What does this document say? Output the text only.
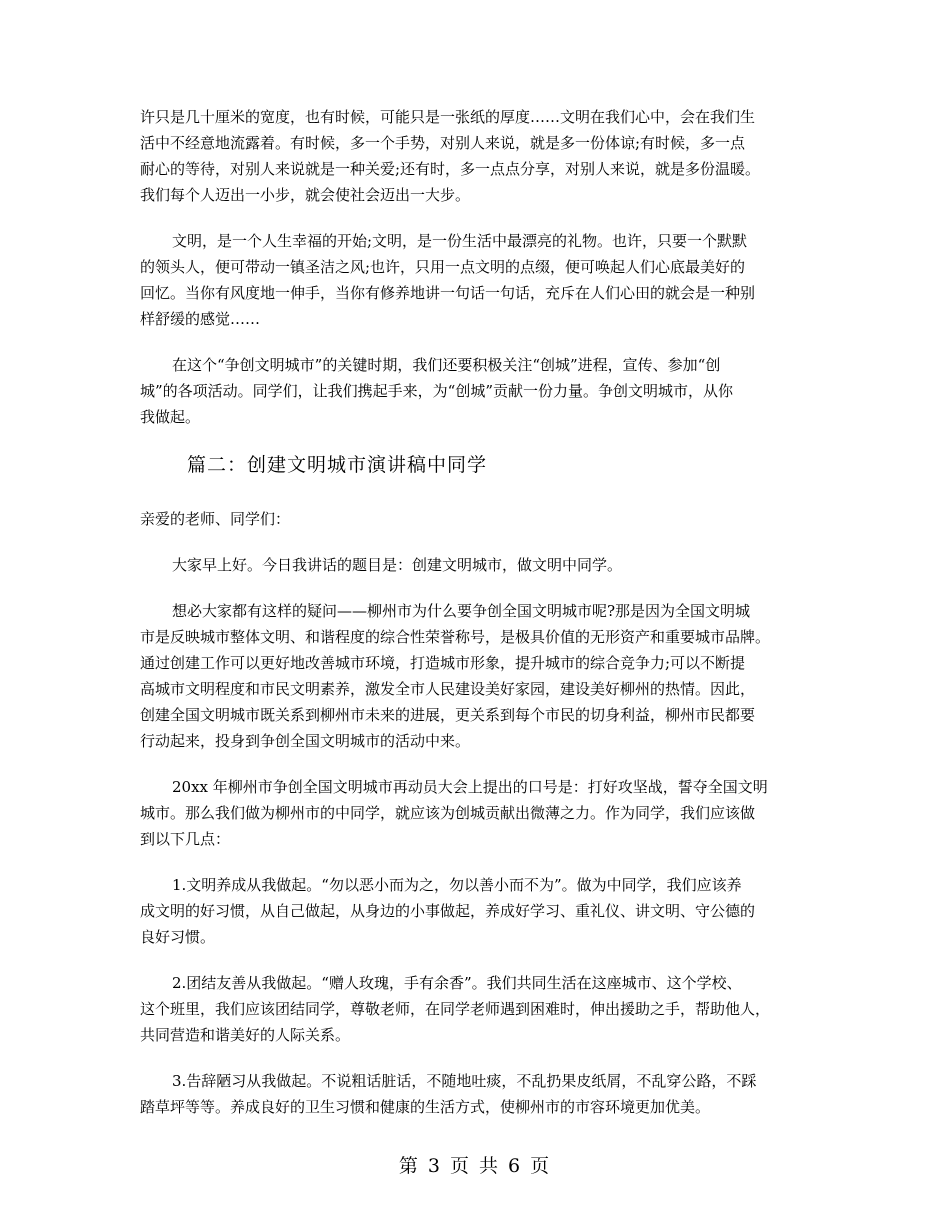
许只是几十厘米的宽度，也有时候，可能只是一张纸的厚度……文明在我们心中，会在我们生
活中不经意地流露着。有时候，多一个手势，对别人来说，就是多一份体谅;有时候，多一点
耐心的等待，对别人来说就是一种关爱;还有时，多一点点分享，对别人来说，就是多份温暖。
我们每个人迈出一小步，就会使社会迈出一大步。
文明，是一个人生幸福的开始;文明，是一份生活中最漂亮的礼物。也许，只要一个默默
的领头人，便可带动一镇圣洁之风;也许，只用一点文明的点缀，便可唤起人们心底最美好的
回忆。当你有风度地一伸手，当你有修养地讲一句话一句话，充斥在人们心田的就会是一种别
样舒缓的感觉……
在这个“争创文明城市”的关键时期，我们还要积极关注“创城”进程，宣传、参加“创
城”的各项活动。同学们，让我们携起手来，为“创城”贡献一份力量。争创文明城市，从你
我做起。
篇二：创建文明城市演讲稿中同学
亲爱的老师、同学们：
大家早上好。今日我讲话的题目是：创建文明城市，做文明中同学。
想必大家都有这样的疑问——柳州市为什么要争创全国文明城市呢?那是因为全国文明城
市是反映城市整体文明、和谐程度的综合性荣誉称号，是极具价值的无形资产和重要城市品牌。
通过创建工作可以更好地改善城市环境，打造城市形象，提升城市的综合竞争力;可以不断提
高城市文明程度和市民文明素养，激发全市人民建设美好家园，建设美好柳州的热情。因此，
创建全国文明城市既关系到柳州市未来的进展，更关系到每个市民的切身利益，柳州市民都要
行动起来，投身到争创全国文明城市的活动中来。
20xx 年柳州市争创全国文明城市再动员大会上提出的口号是：打好攻坚战，誓夺全国文明
城市。那么我们做为柳州市的中同学，就应该为创城贡献出微薄之力。作为同学，我们应该做
到以下几点：
1.文明养成从我做起。“勿以恶小而为之，勿以善小而不为”。做为中同学，我们应该养
成文明的好习惯，从自己做起，从身边的小事做起，养成好学习、重礼仪、讲文明、守公德的
良好习惯。
2.团结友善从我做起。“赠人玫瑰，手有余香”。我们共同生活在这座城市、这个学校、
这个班里，我们应该团结同学，尊敬老师，在同学老师遇到困难时，伸出援助之手，帮助他人，
共同营造和谐美好的人际关系。
3.告辞陋习从我做起。不说粗话脏话，不随地吐痰，不乱扔果皮纸屑，不乱穿公路，不踩
踏草坪等等。养成良好的卫生习惯和健康的生活方式，使柳州市的市容环境更加优美。
第 3 页 共 6 页
